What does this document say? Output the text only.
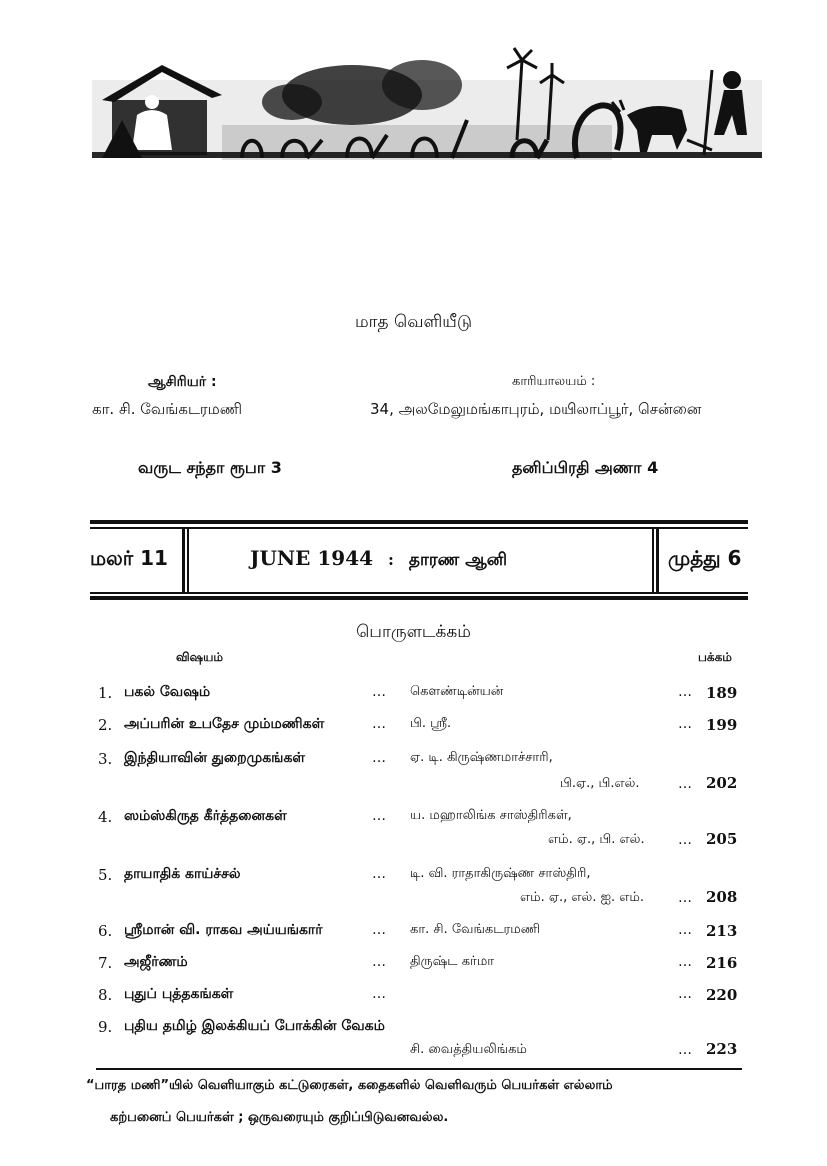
மாத வெளியீடு
ஆசிரியர் :
கா. சி. வேங்கடரமணி
காரியாலயம் :
34, அலமேலுமங்காபுரம், மயிலாப்பூர், சென்னை
வருட சந்தா ரூபா 3	தனிப்பிரதி அணா 4
மலர் 11	JUNE 1944 : தாரண ஆனி	முத்து 6
பொருளடக்கம்
விஷயம்	பக்கம்
1. பகல் வேஷம்	… கௌண்டின்யன்	… 189
2. அப்பரின் உபதேச மும்மணிகள்	… பி. ஸ்ரீ.	… 199
3. இந்தியாவின் துறைமுகங்கள்	… ஏ. டி. கிருஷ்ணமாச்சாரி,
பி.ஏ., பி.எல்.	… 202
4. ஸம்ஸ்கிருத கீர்த்தனைகள்	… ய. மஹாலிங்க சாஸ்திரிகள்,
எம். ஏ., பி. எல். … 205
5. தாயாதிக் காய்ச்சல்	… டி. வி. ராதாகிருஷ்ண சாஸ்திரி,
எம். ஏ., எல். ஐ. எம். … 208
6. ஸ்ரீமான் வி. ராகவ அய்யங்கார்	… கா. சி. வேங்கடரமணி	… 213
7. அஜீர்ணம்	… திருஷ்ட கர்மா	… 216
8. புதுப் புத்தகங்கள்	…	… 220
9. புதிய தமிழ் இலக்கியப் போக்கின் வேகம்
சி. வைத்தியலிங்கம்	… 223
“பாரத மணி”யில் வெளியாகும் கட்டுரைகள், கதைகளில் வெளிவரும் பெயர்கள் எல்லாம்
கற்பனைப் பெயர்கள் ; ஒருவரையும் குறிப்பிடுவனவல்ல.
